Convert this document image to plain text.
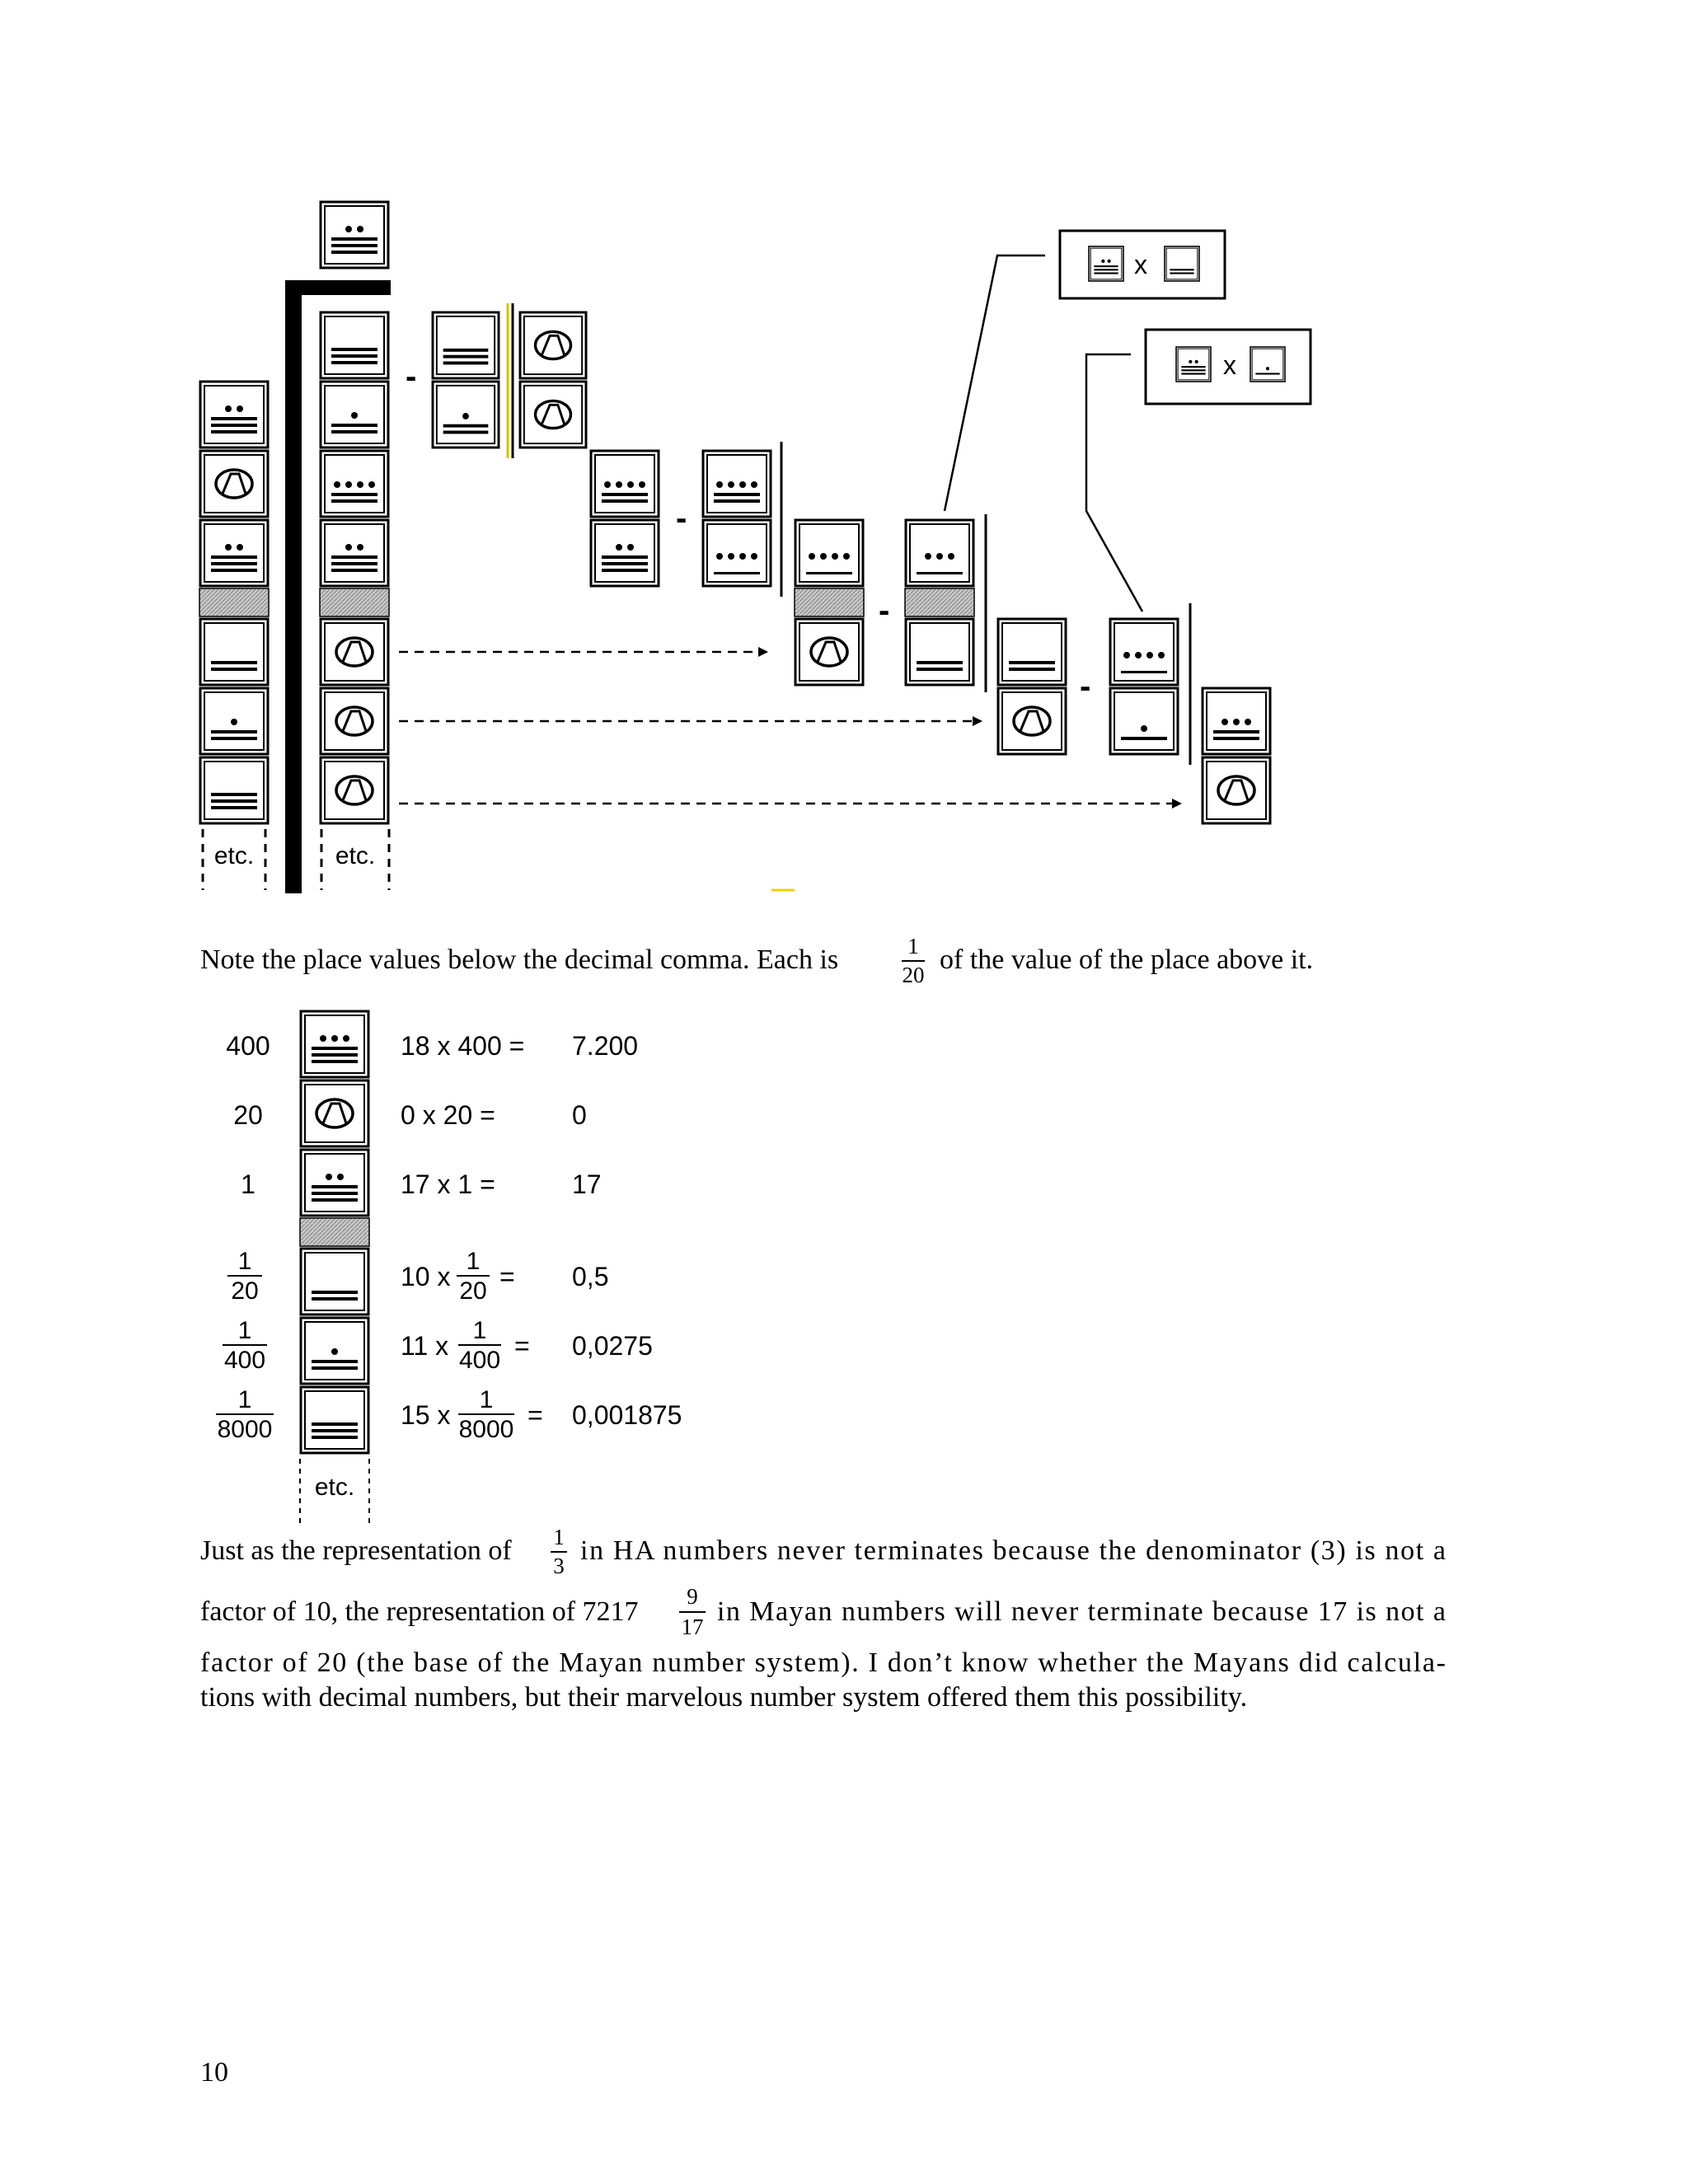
etc.	etc.
-
-
-
-
x
x
Note the place values below the decimal comma. Each is	1
20 of the value of the place above it.
400
20
1
1
20
1
400
1
8000
etc.
18 x 400 =
0 x 20 =
17 x 1 =
10 x
1
20 =
11 x
1
400 =
15 x
1
8000 =
7.200
0
17
0,5
0,0275
0,001875
Just as the representation of 1
3 in HA numbers never terminates because the denominator (3) is not a
factor of 10, the representation of 7217 9
17 in Mayan numbers will never terminate because 17 is not a
factor of 20 (the base of the Mayan number system). I don’t know whether the Mayans did calcula-
tions with decimal numbers, but their marvelous number system offered them this possibility.
10
